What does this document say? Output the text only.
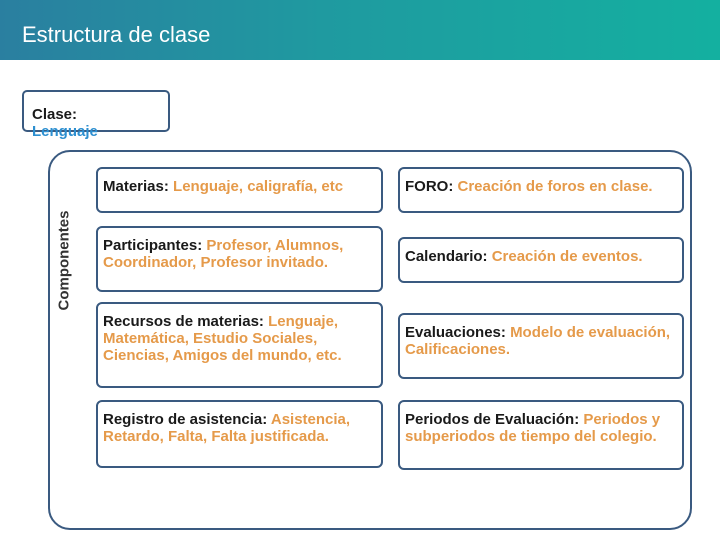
Estructura de clase
Clase:
Lenguaje
Componentes
Materias: Lenguaje, caligrafía, etc	FORO: Creación de foros en clase.
Participantes: Profesor, Alumnos, Coordinador, Profesor invitado.	Calendario: Creación de eventos.
Recursos de materias: Lenguaje, Matemática, Estudio Sociales, Ciencias, Amigos del mundo, etc.
Evaluaciones: Modelo de evaluación, Calificaciones.
Registro de asistencia: Asistencia, Retardo, Falta, Falta justificada.
Periodos de Evaluación: Periodos y subperiodos de tiempo del colegio.
